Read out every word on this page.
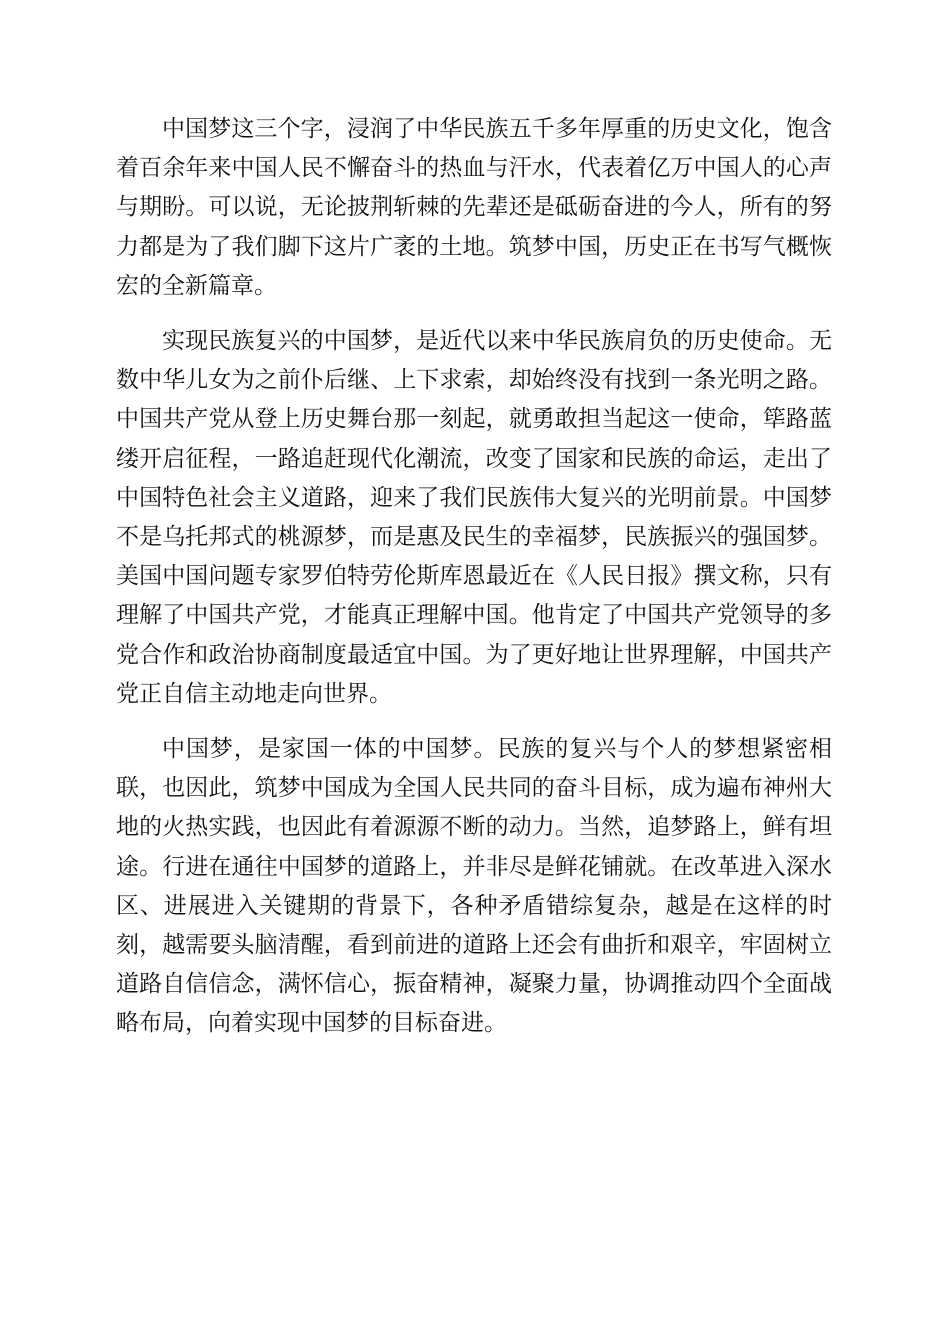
中国梦这三个字，浸润了中华民族五千多年厚重的历史文化，饱含着百余年来中国人民不懈奋斗的热血与汗水，代表着亿万中国人的心声与期盼。可以说，无论披荆斩棘的先辈还是砥砺奋进的今人，所有的努力都是为了我们脚下这片广袤的土地。筑梦中国，历史正在书写气概恢宏的全新篇章。

实现民族复兴的中国梦，是近代以来中华民族肩负的历史使命。无数中华儿女为之前仆后继、上下求索，却始终没有找到一条光明之路。中国共产党从登上历史舞台那一刻起，就勇敢担当起这一使命，筚路蓝缕开启征程，一路追赶现代化潮流，改变了国家和民族的命运，走出了中国特色社会主义道路，迎来了我们民族伟大复兴的光明前景。中国梦不是乌托邦式的桃源梦，而是惠及民生的幸福梦，民族振兴的强国梦。美国中国问题专家罗伯特劳伦斯库恩最近在《人民日报》撰文称，只有理解了中国共产党，才能真正理解中国。他肯定了中国共产党领导的多党合作和政治协商制度最适宜中国。为了更好地让世界理解，中国共产党正自信主动地走向世界。

中国梦，是家国一体的中国梦。民族的复兴与个人的梦想紧密相联，也因此，筑梦中国成为全国人民共同的奋斗目标，成为遍布神州大地的火热实践，也因此有着源源不断的动力。当然，追梦路上，鲜有坦途。行进在通往中国梦的道路上，并非尽是鲜花铺就。在改革进入深水区、进展进入关键期的背景下，各种矛盾错综复杂，越是在这样的时刻，越需要头脑清醒，看到前进的道路上还会有曲折和艰辛，牢固树立道路自信信念，满怀信心，振奋精神，凝聚力量，协调推动四个全面战略布局，向着实现中国梦的目标奋进。
